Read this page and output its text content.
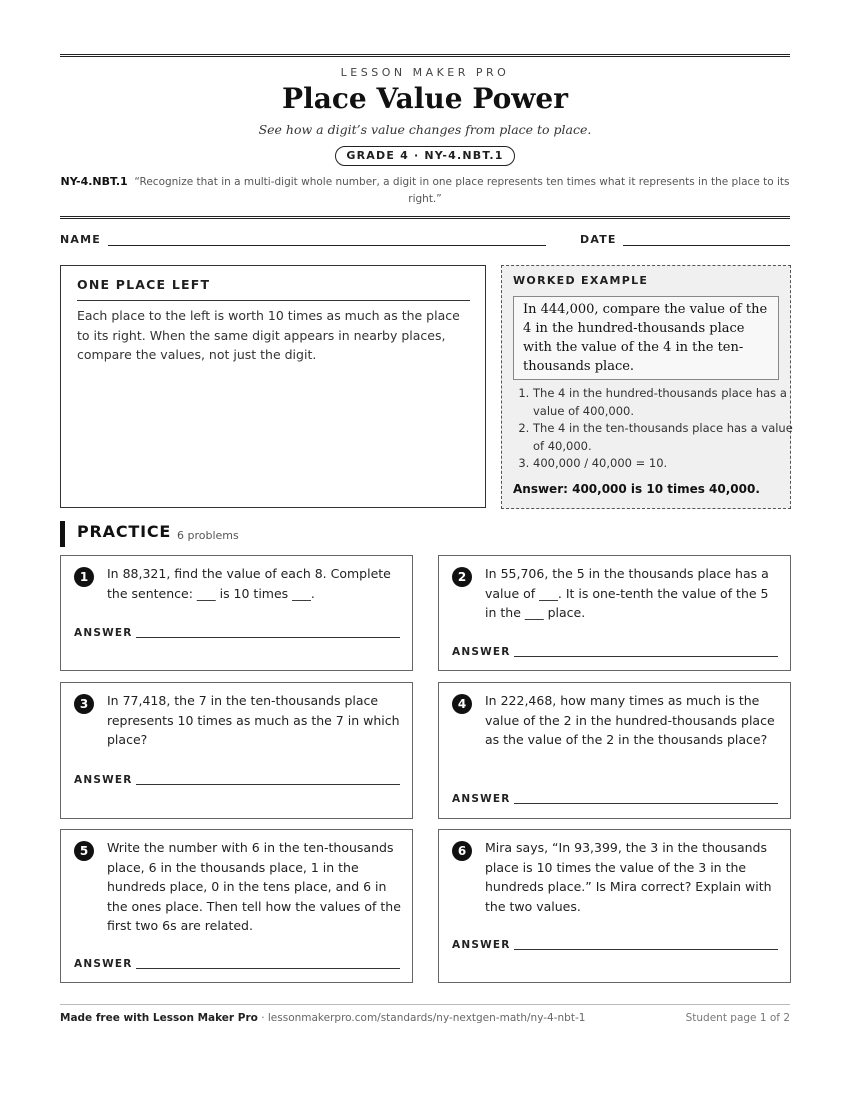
LESSON MAKER PRO
Place Value Power
See how a digit’s value changes from place to place.
GRADE 4 · NY-4.NBT.1
NY-4.NBT.1 “Recognize that in a multi-digit whole number, a digit in one place represents ten times what it represents in the place to its right.”
NAME	DATE
ONE PLACE LEFT
Each place to the left is worth 10 times as much as the place to its right. When the same digit appears in nearby places, compare the values, not just the digit.
WORKED EXAMPLE
In 444,000, compare the value of the 4 in the hundred-thousands place with the value of the 4 in the ten-thousands place.
1. The 4 in the hundred-thousands place has a value of 400,000.
2. The 4 in the ten-thousands place has a value of 40,000.
3. 400,000 / 40,000 = 10.
Answer: 400,000 is 10 times 40,000.
PRACTICE 6 problems
1	In 88,321, find the value of each 8. Complete the sentence: ___ is 10 times ___.
ANSWER
2	In 55,706, the 5 in the thousands place has a value of ___. It is one-tenth the value of the 5 in the ___ place.
ANSWER
3	In 77,418, the 7 in the ten-thousands place represents 10 times as much as the 7 in which place?
ANSWER
4	In 222,468, how many times as much is the value of the 2 in the hundred-thousands place as the value of the 2 in the thousands place?
ANSWER
5	Write the number with 6 in the ten-thousands place, 6 in the thousands place, 1 in the hundreds place, 0 in the tens place, and 6 in the ones place. Then tell how the values of the first two 6s are related.
ANSWER
6	Mira says, “In 93,399, the 3 in the thousands place is 10 times the value of the 3 in the hundreds place.” Is Mira correct? Explain with the two values.
ANSWER
Made free with Lesson Maker Pro · lessonmakerpro.com/standards/ny-nextgen-math/ny-4-nbt-1	Student page 1 of 2
